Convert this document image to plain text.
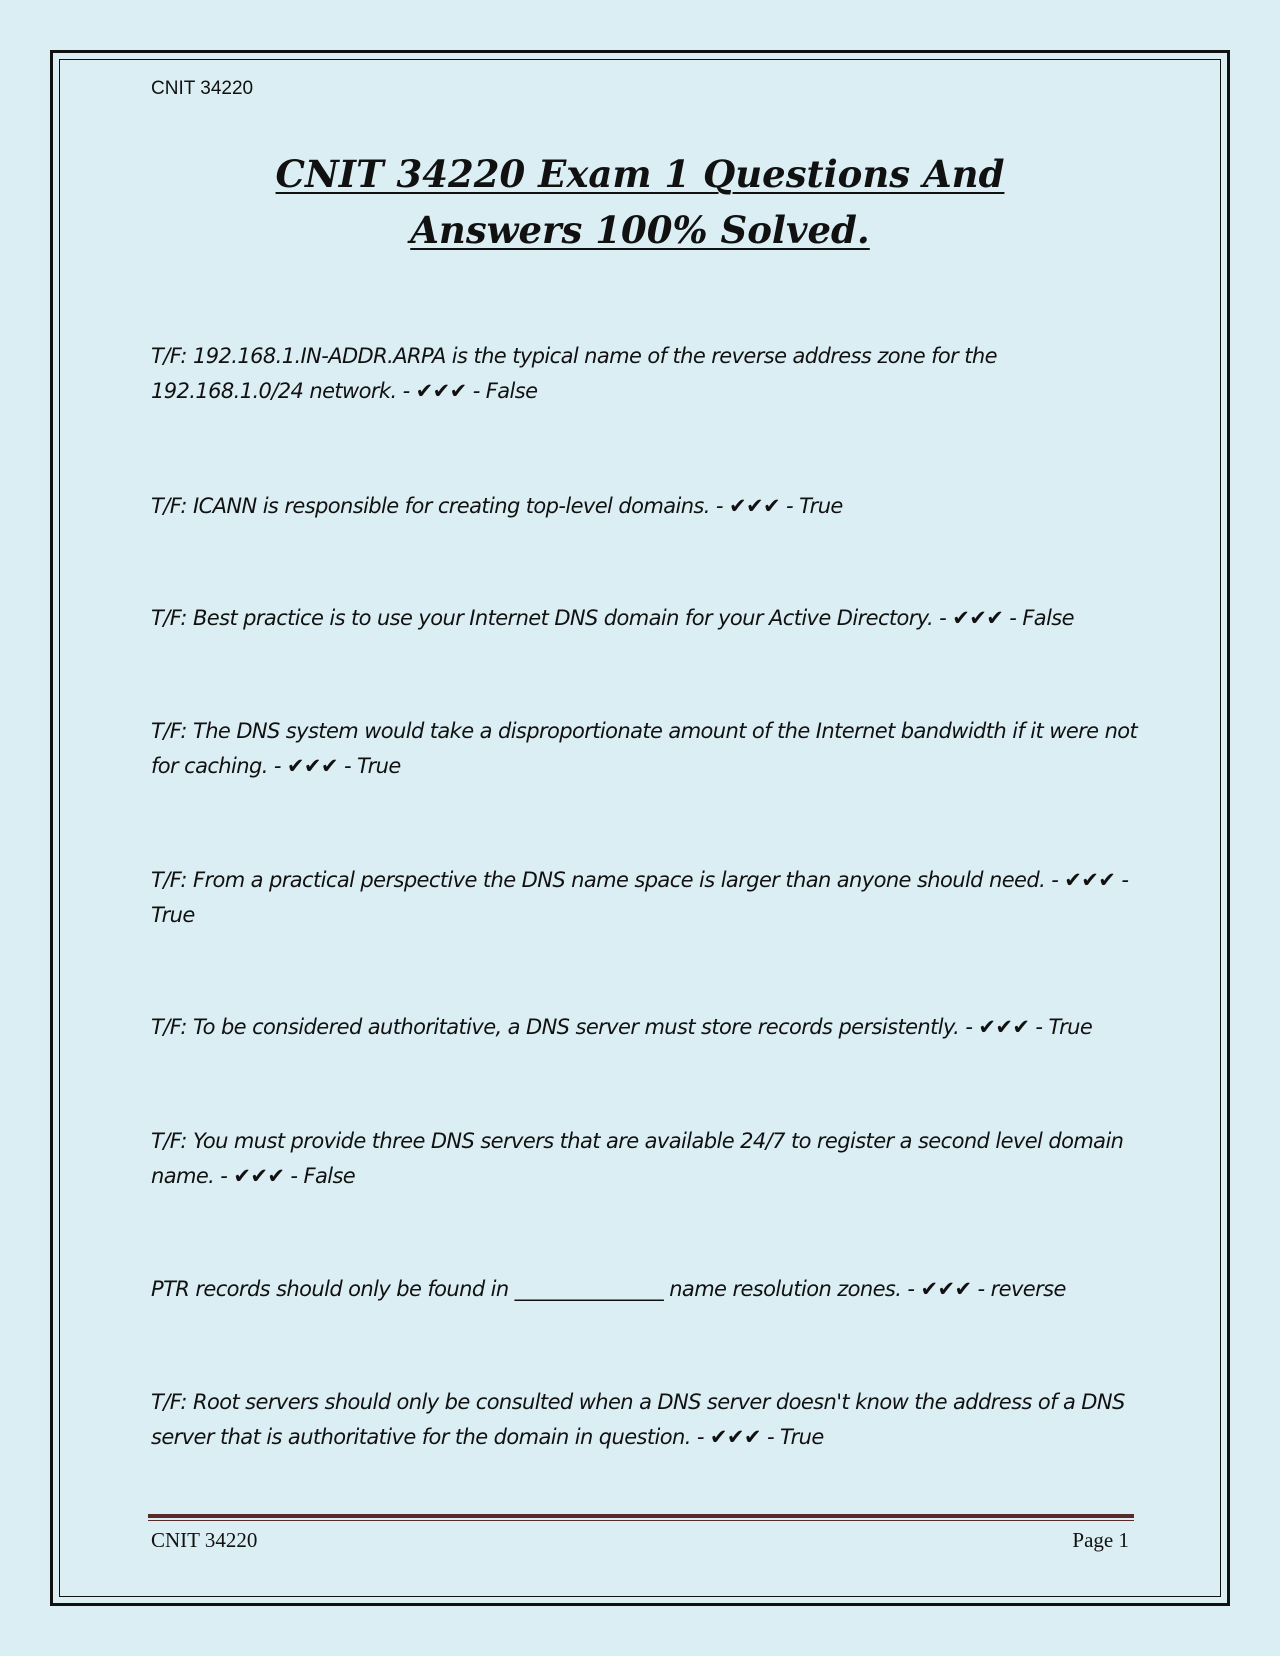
CNIT 34220
CNIT 34220 Exam 1 Questions And
Answers 100% Solved.
T/F: 192.168.1.IN-ADDR.ARPA is the typical name of the reverse address zone for the 192.168.1.0/24 network. - ✔✔✔ - False
T/F: ICANN is responsible for creating top-level domains. - ✔✔✔ - True
T/F: Best practice is to use your Internet DNS domain for your Active Directory. - ✔✔✔ - False
T/F: The DNS system would take a disproportionate amount of the Internet bandwidth if it were not for caching. - ✔✔✔ - True
T/F: From a practical perspective the DNS name space is larger than anyone should need. - ✔✔✔ - True
T/F: To be considered authoritative, a DNS server must store records persistently. - ✔✔✔ - True
T/F: You must provide three DNS servers that are available 24/7 to register a second level domain name. - ✔✔✔ - False
PTR records should only be found in _______________ name resolution zones. - ✔✔✔ - reverse
T/F: Root servers should only be consulted when a DNS server doesn't know the address of a DNS server that is authoritative for the domain in question. - ✔✔✔ - True
CNIT 34220	Page 1
